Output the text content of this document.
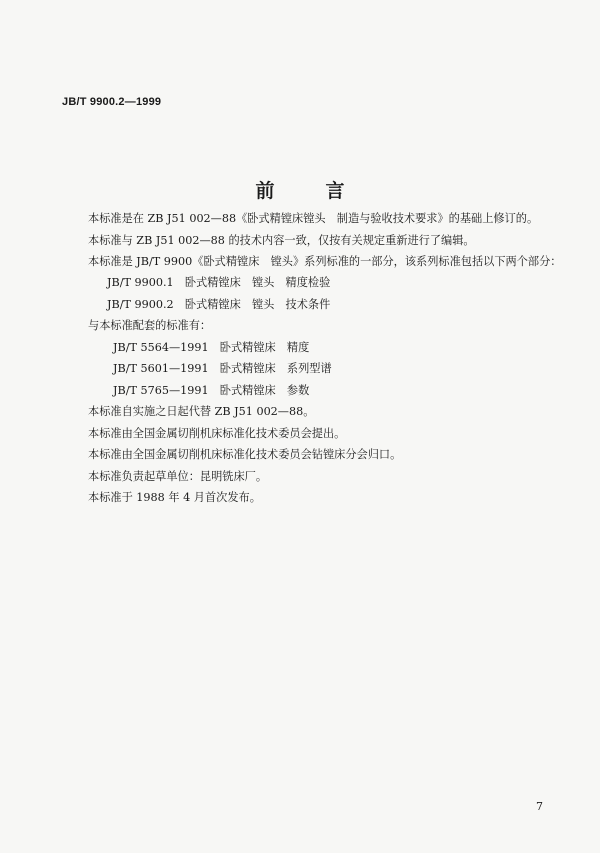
JB/T 9900.2—1999
前　言
本标准是在 ZB J51 002—88《卧式精镗床镗头　制造与验收技术要求》的基础上修订的。
本标准与 ZB J51 002—88 的技术内容一致，仅按有关规定重新进行了编辑。
本标准是 JB/T 9900《卧式精镗床　镗头》系列标准的一部分，该系列标准包括以下两个部分：
JB/T 9900.1　卧式精镗床　镗头　精度检验
JB/T 9900.2　卧式精镗床　镗头　技术条件
与本标准配套的标准有：
JB/T 5564—1991　卧式精镗床　精度
JB/T 5601—1991　卧式精镗床　系列型谱
JB/T 5765—1991　卧式精镗床　参数
本标准自实施之日起代替 ZB J51 002—88。
本标准由全国金属切削机床标准化技术委员会提出。
本标准由全国金属切削机床标准化技术委员会钻镗床分会归口。
本标准负责起草单位：昆明铣床厂。
本标准于 1988 年 4 月首次发布。
7
